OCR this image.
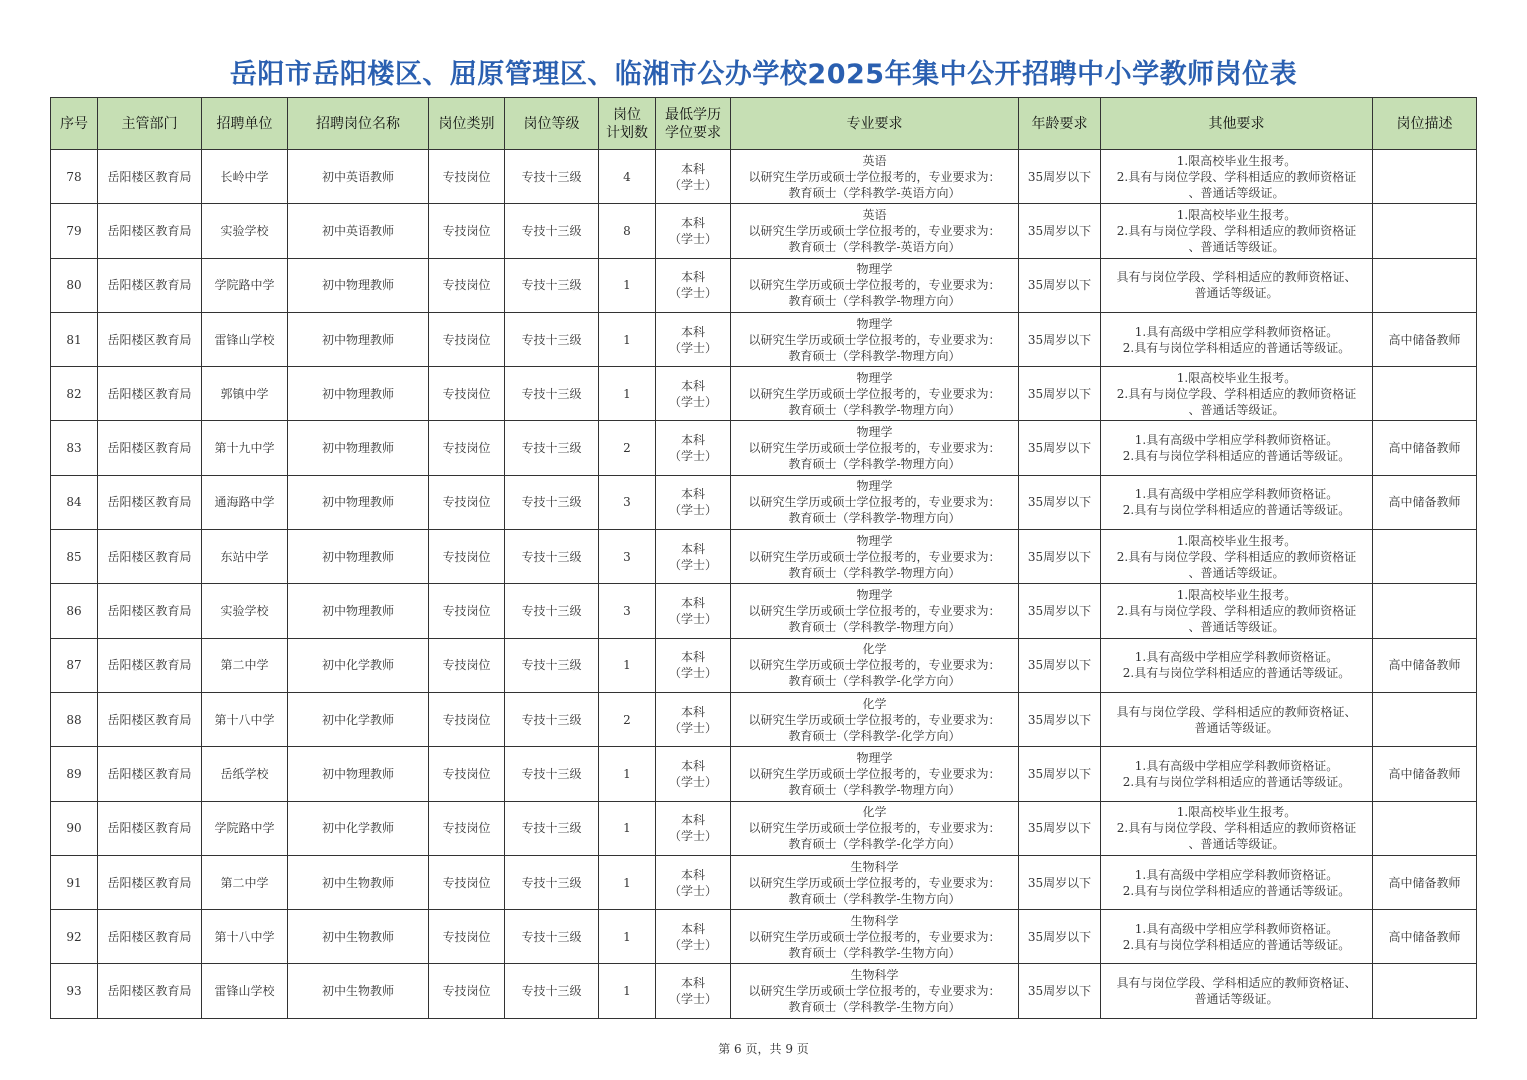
岳阳市岳阳楼区、屈原管理区、临湘市公办学校2025年集中公开招聘中小学教师岗位表
序号	主管部门	招聘单位	招聘岗位名称	岗位类别	岗位等级	岗位
计划数	最低学历
学位要求	专业要求	年龄要求	其他要求	岗位描述
78	岳阳楼区教育局	长岭中学	初中英语教师	专技岗位	专技十三级	4	本科
（学士）	英语
以研究生学历或硕士学位报考的，专业要求为：
教育硕士（学科教学-英语方向）	35周岁以下	1.限高校毕业生报考。
2.具有与岗位学段、学科相适应的教师资格证
、普通话等级证。	

79	岳阳楼区教育局	实验学校	初中英语教师	专技岗位	专技十三级	8	本科
（学士）	英语
以研究生学历或硕士学位报考的，专业要求为：
教育硕士（学科教学-英语方向）	35周岁以下	1.限高校毕业生报考。
2.具有与岗位学段、学科相适应的教师资格证
、普通话等级证。	

80	岳阳楼区教育局	学院路中学	初中物理教师	专技岗位	专技十三级	1	本科
（学士）	物理学
以研究生学历或硕士学位报考的，专业要求为：
教育硕士（学科教学-物理方向）	35周岁以下	具有与岗位学段、学科相适应的教师资格证、
普通话等级证。	

81	岳阳楼区教育局	雷锋山学校	初中物理教师	专技岗位	专技十三级	1	本科
（学士）	物理学
以研究生学历或硕士学位报考的，专业要求为：
教育硕士（学科教学-物理方向）	35周岁以下	1.具有高级中学相应学科教师资格证。
2.具有与岗位学科相适应的普通话等级证。	高中储备教师
82	岳阳楼区教育局	郭镇中学	初中物理教师	专技岗位	专技十三级	1	本科
（学士）	物理学
以研究生学历或硕士学位报考的，专业要求为：
教育硕士（学科教学-物理方向）	35周岁以下	1.限高校毕业生报考。
2.具有与岗位学段、学科相适应的教师资格证
、普通话等级证。	

83	岳阳楼区教育局	第十九中学	初中物理教师	专技岗位	专技十三级	2	本科
（学士）	物理学
以研究生学历或硕士学位报考的，专业要求为：
教育硕士（学科教学-物理方向）	35周岁以下	1.具有高级中学相应学科教师资格证。
2.具有与岗位学科相适应的普通话等级证。	高中储备教师
84	岳阳楼区教育局	通海路中学	初中物理教师	专技岗位	专技十三级	3	本科
（学士）	物理学
以研究生学历或硕士学位报考的，专业要求为：
教育硕士（学科教学-物理方向）	35周岁以下	1.具有高级中学相应学科教师资格证。
2.具有与岗位学科相适应的普通话等级证。	高中储备教师
85	岳阳楼区教育局	东站中学	初中物理教师	专技岗位	专技十三级	3	本科
（学士）	物理学
以研究生学历或硕士学位报考的，专业要求为：
教育硕士（学科教学-物理方向）	35周岁以下	1.限高校毕业生报考。
2.具有与岗位学段、学科相适应的教师资格证
、普通话等级证。	

86	岳阳楼区教育局	实验学校	初中物理教师	专技岗位	专技十三级	3	本科
（学士）	物理学
以研究生学历或硕士学位报考的，专业要求为：
教育硕士（学科教学-物理方向）	35周岁以下	1.限高校毕业生报考。
2.具有与岗位学段、学科相适应的教师资格证
、普通话等级证。	

87	岳阳楼区教育局	第二中学	初中化学教师	专技岗位	专技十三级	1	本科
（学士）	化学
以研究生学历或硕士学位报考的，专业要求为：
教育硕士（学科教学-化学方向）	35周岁以下	1.具有高级中学相应学科教师资格证。
2.具有与岗位学科相适应的普通话等级证。	高中储备教师
88	岳阳楼区教育局	第十八中学	初中化学教师	专技岗位	专技十三级	2	本科
（学士）	化学
以研究生学历或硕士学位报考的，专业要求为：
教育硕士（学科教学-化学方向）	35周岁以下	具有与岗位学段、学科相适应的教师资格证、
普通话等级证。	

89	岳阳楼区教育局	岳纸学校	初中物理教师	专技岗位	专技十三级	1	本科
（学士）	物理学
以研究生学历或硕士学位报考的，专业要求为：
教育硕士（学科教学-物理方向）	35周岁以下	1.具有高级中学相应学科教师资格证。
2.具有与岗位学科相适应的普通话等级证。	高中储备教师
90	岳阳楼区教育局	学院路中学	初中化学教师	专技岗位	专技十三级	1	本科
（学士）	化学
以研究生学历或硕士学位报考的，专业要求为：
教育硕士（学科教学-化学方向）	35周岁以下	1.限高校毕业生报考。
2.具有与岗位学段、学科相适应的教师资格证
、普通话等级证。	

91	岳阳楼区教育局	第二中学	初中生物教师	专技岗位	专技十三级	1	本科
（学士）	生物科学
以研究生学历或硕士学位报考的，专业要求为：
教育硕士（学科教学-生物方向）	35周岁以下	1.具有高级中学相应学科教师资格证。
2.具有与岗位学科相适应的普通话等级证。	高中储备教师
92	岳阳楼区教育局	第十八中学	初中生物教师	专技岗位	专技十三级	1	本科
（学士）	生物科学
以研究生学历或硕士学位报考的，专业要求为：
教育硕士（学科教学-生物方向）	35周岁以下	1.具有高级中学相应学科教师资格证。
2.具有与岗位学科相适应的普通话等级证。	高中储备教师
93	岳阳楼区教育局	雷锋山学校	初中生物教师	专技岗位	专技十三级	1	本科
（学士）	生物科学
以研究生学历或硕士学位报考的，专业要求为：
教育硕士（学科教学-生物方向）	35周岁以下	具有与岗位学段、学科相适应的教师资格证、
普通话等级证。	

第 6 页，共 9 页
